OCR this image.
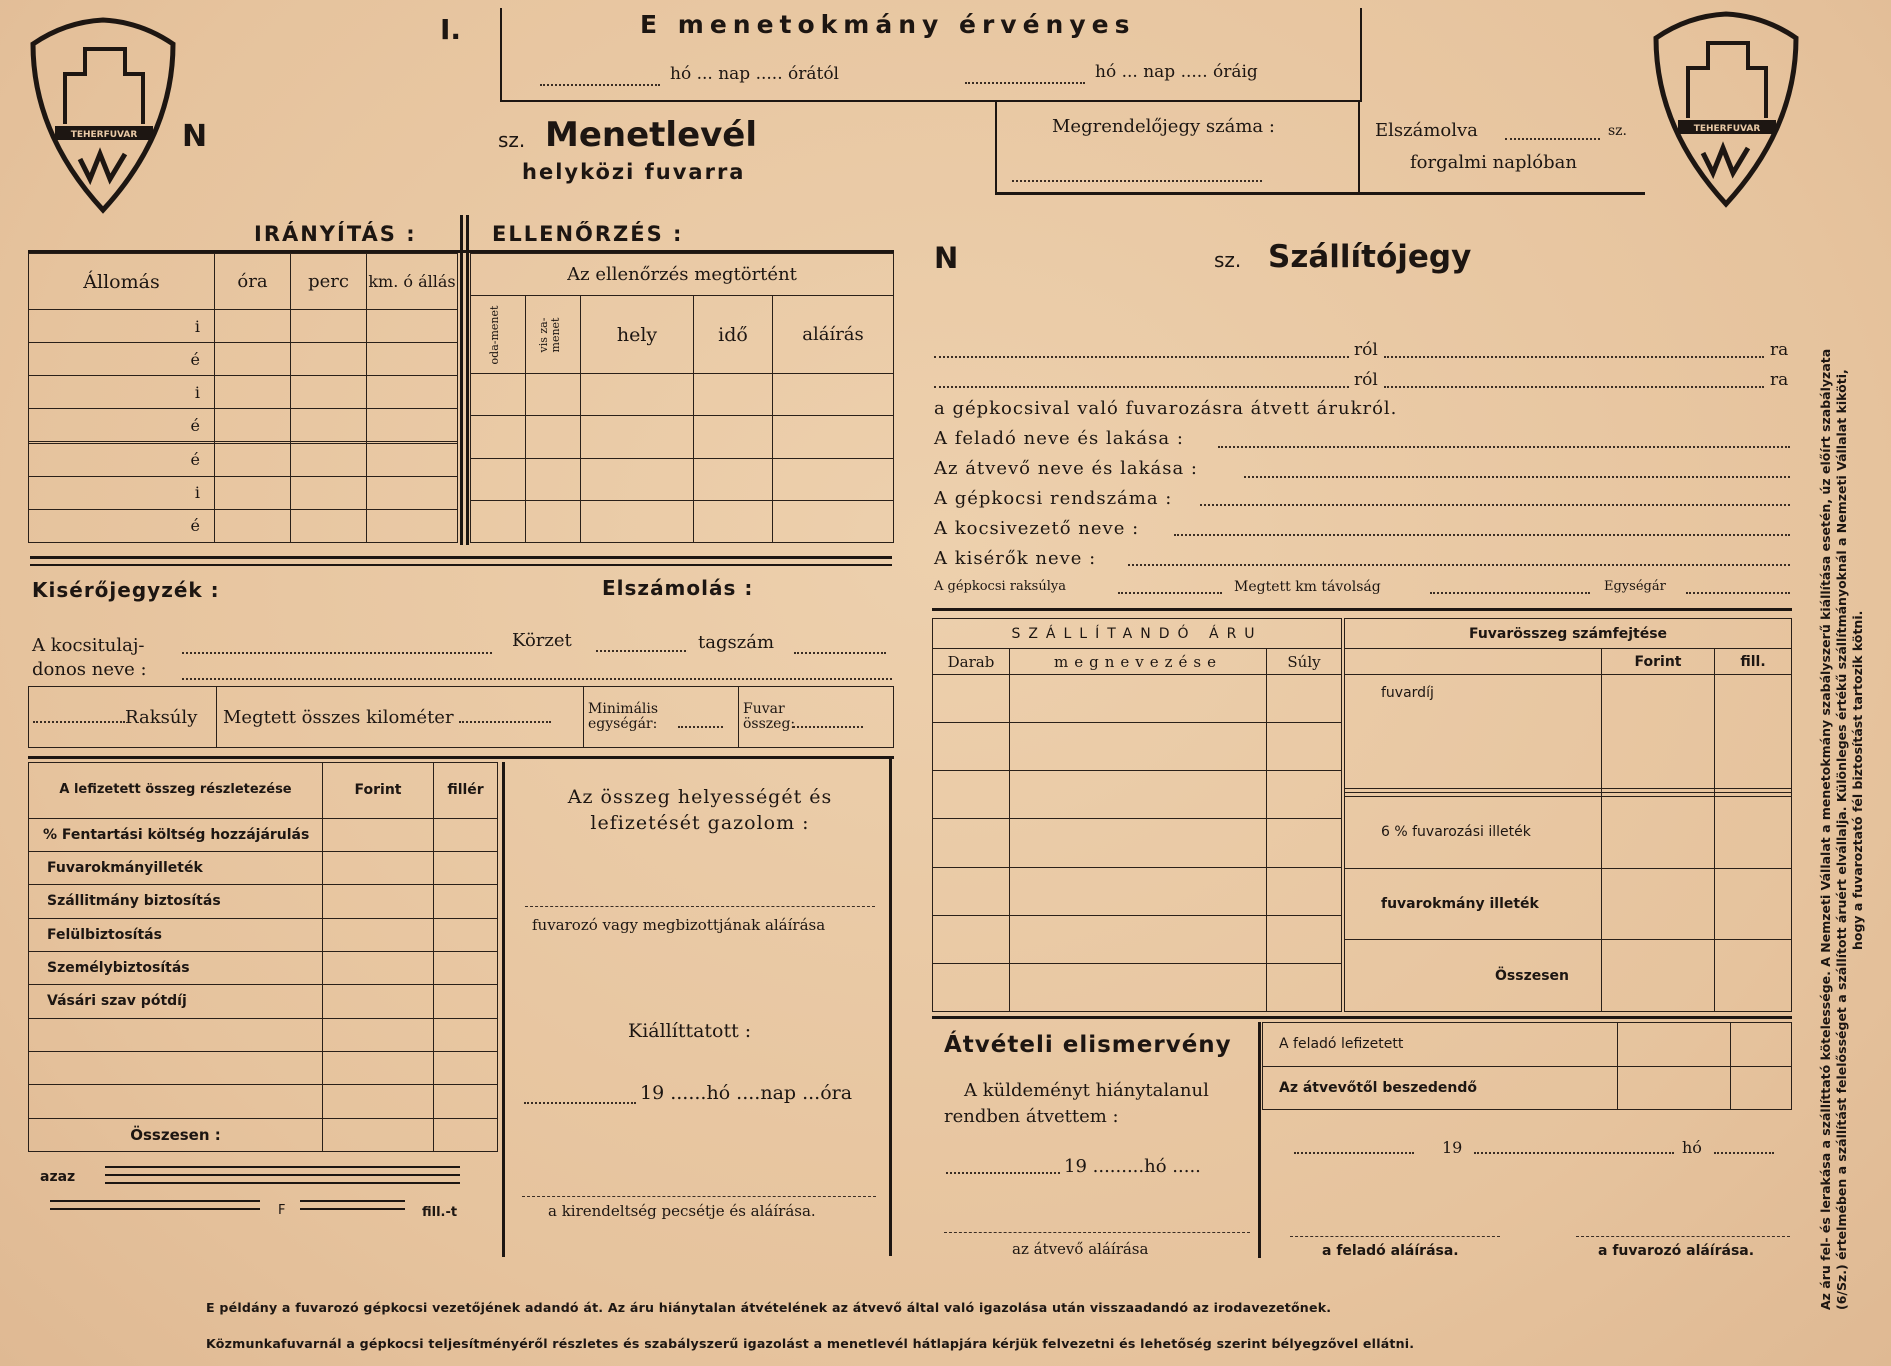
TEHERFUVAR
TEHERFUVAR
I.	E menetokmány érvényes
hó ... nap ..... órától	hó ... nap ..... óráig
N	sz. Menetlevél
helyközi fuvarra
Megrendelőjegy száma :	Elszámolva	sz.
forgalmi naplóban
IRÁNYÍTÁS :
Állomás	óra	perc	km. ó állás
i			
é			
i			
é			

é			
i			
é			
ELLENŐRZÉS :
Az ellenőrzés megtörtént				

oda-menet	vis za-menet	hely	idő	aláírás

Kisérőjegyzék :	Elszámolás :
A kocsitulaj-donos neve :
Körzet	tagszám
Raksúly	Megtett összes kilométer	Minimális egységár:	Fuvar összeg:
A lefizetett összeg részletezése	Forint	fillér
% Fentartási költség hozzájárulás		
Fuvarokmányilleték		
Szállitmány biztosítás		
Felülbiztosítás		
Személybiztosítás		
Vásári szav pótdíj		

Összesen :		
azaz
F	fill.-t
Az összeg helyességét és lefizetését gazolom :
fuvarozó vagy megbizottjának aláírása
Kiállíttatott :
19 ......hó ....nap ...óra
a kirendeltség pecsétje és aláírása.
N	sz. Szállítójegy
ról	ra
ról	ra
a gépkocsival való fuvarozásra átvett árukról.
A feladó neve és lakása :
Az átvevő neve és lakása :
A gépkocsi rendszáma :
A kocsivezető neve :
A kisérők neve :
A gépkocsi raksúlya	Megtett km távolság	Egységár
SZÁLLÍTANDÓ ÁRU		
Darab	megnevezése	Súly

Fuvarösszeg számfejtése		
	Forint	fill.
fuvardíj		

6 % fuvarozási illeték		
fuvarokmány illeték		
Összesen		
Átvételi elismervény
A küldeményt hiánytalanul rendben átvettem :
19 .........hó .....
az átvevő aláírása
A feladó lefizetett		
Az átvevőtől beszedendő		
19	hó
a feladó aláírása.	a fuvarozó aláírása.
E példány a fuvarozó gépkocsi vezetőjének adandó át. Az áru hiánytalan átvételének az átvevő által való igazolása után visszaadandó az irodavezetőnek.
Közmunkafuvarnál a gépkocsi teljesítményéről részletes és szabályszerű igazolást a menetlevél hátlapjára kérjük felvezetni és lehetőség szerint bélyegzővel ellátni.
Az áru fel- és lerakása a szállíttató kötelessége. A Nemzeti Vállalat a menetokmány szabályszerű kiállítása esetén, úz előírt szabályzata (6/Sz.) értelmében a szállítást felelősséget a szállított áruért elvállalja. Különleges értékű szállítmányoknál a Nemzeti Vállalat kiköti, hogy a fuvaroztató fél biztosítást tartozik kötni.
